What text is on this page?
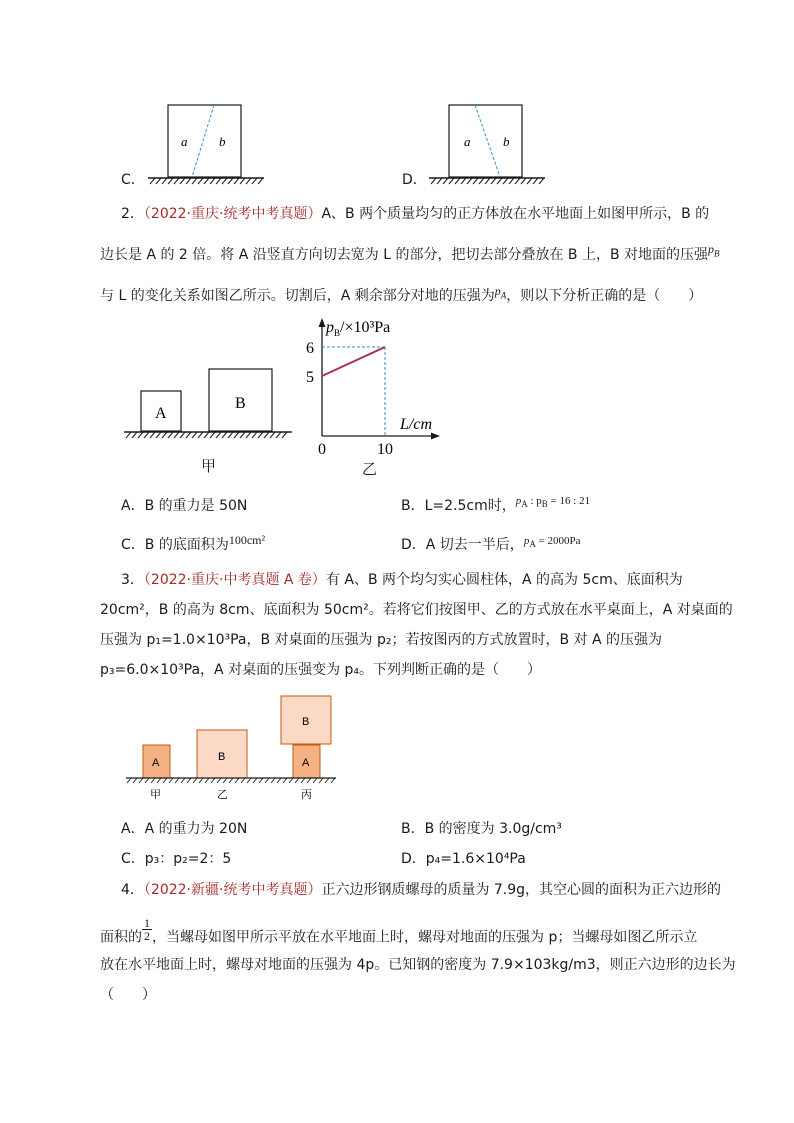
C．
a b
D．
a	b
2．（2022·重庆·统考中考真题）A、B 两个质量均匀的正方体放在水平地面上如图甲所示，B 的
边长是 A 的 2 倍。将 A 沿竖直方向切去宽为 L 的部分，把切去部分叠放在 B 上，B 对地面的压强$p_B$
与 L 的变化关系如图乙所示。切割后，A 剩余部分对地的压强为$p_A$，则以下分析正确的是（　　）
A
B
甲
$p_B/\times 10^3Pa$
6
5
0	10
L/cm
乙
A．B 的重力是 50N	B．L=2.5cm时，$^{p_A : p_B = 16 : 21}$
C．B 的底面积为100cm²	D．A 切去一半后，$^{p_A = 2000Pa}$
3．（2022·重庆·中考真题 A 卷）有 A、B 两个均匀实心圆柱体，A 的高为 5cm、底面积为
20cm²，B 的高为 8cm、底面积为 50cm²。若将它们按图甲、乙的方式放在水平桌面上，A 对桌面的
压强为 p₁=1.0×10³Pa，B 对桌面的压强为 p₂；若按图丙的方式放置时，B 对 A 的压强为
p₃=6.0×10³Pa，A 对桌面的压强变为 p₄。下列判断正确的是（　　）
A	B
B
A
甲	乙	丙
A．A 的重力为 20N	B．B 的密度为 3.0g/cm³
C．p₃：p₂=2：5	D．p₄=1.6×10⁴Pa
4．（2022·新疆·统考中考真题）正六边形钢质螺母的质量为 7.9g，其空心圆的面积为正六边形的
面积的 $\frac{1}{2}$ ，当螺母如图甲所示平放在水平地面上时，螺母对地面的压强为 p；当螺母如图乙所示立
放在水平地面上时，螺母对地面的压强为 4p。已知钢的密度为 7.9×103kg/m3，则正六边形的边长为
（　　）
